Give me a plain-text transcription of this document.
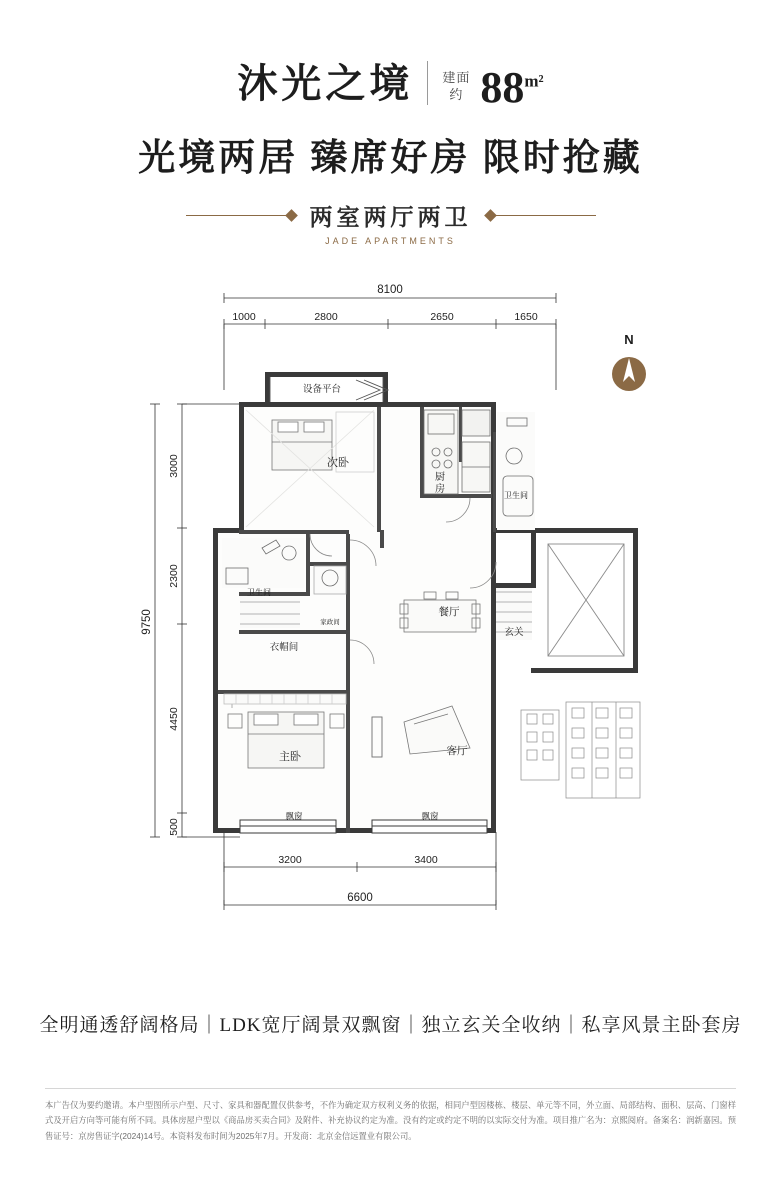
沐光之境 建面
约 $88^{m^2}$
光境两居 臻席好房 限时抢藏
两室两厅两卫
JADE APARTMENTS
8100
1000	2800	2650	1650
9750
3000
2300
4450
500
3200	3400
6600
N
设备平台
次卧
厨
房
卫生间
卫生间
家政间
衣帽间
餐厅
玄关
主卧	客厅
飘窗	飘窗
全明通透舒阔格局｜LDK宽厅阔景双飘窗｜独立玄关全收纳｜私享风景主卧套房
本广告仅为要约邀请。本户型图所示户型、尺寸、家具和器配置仅供参考，不作为确定双方权利义务的依据，相同户型因楼栋、楼层、单元等不同，外立面、局部结构、面积、层高、门窗样式及开启方向等可能有所不同。具体房屋户型以《商品房买卖合同》及附件、补充协议约定为准。没有约定或约定不明的以实际交付为准。项目推广名为：京熙阅府。备案名：润新嘉园。预售证号：京房售证字(2024)14号。本资料发布时间为2025年7月。开发商：北京金信远置业有限公司。
